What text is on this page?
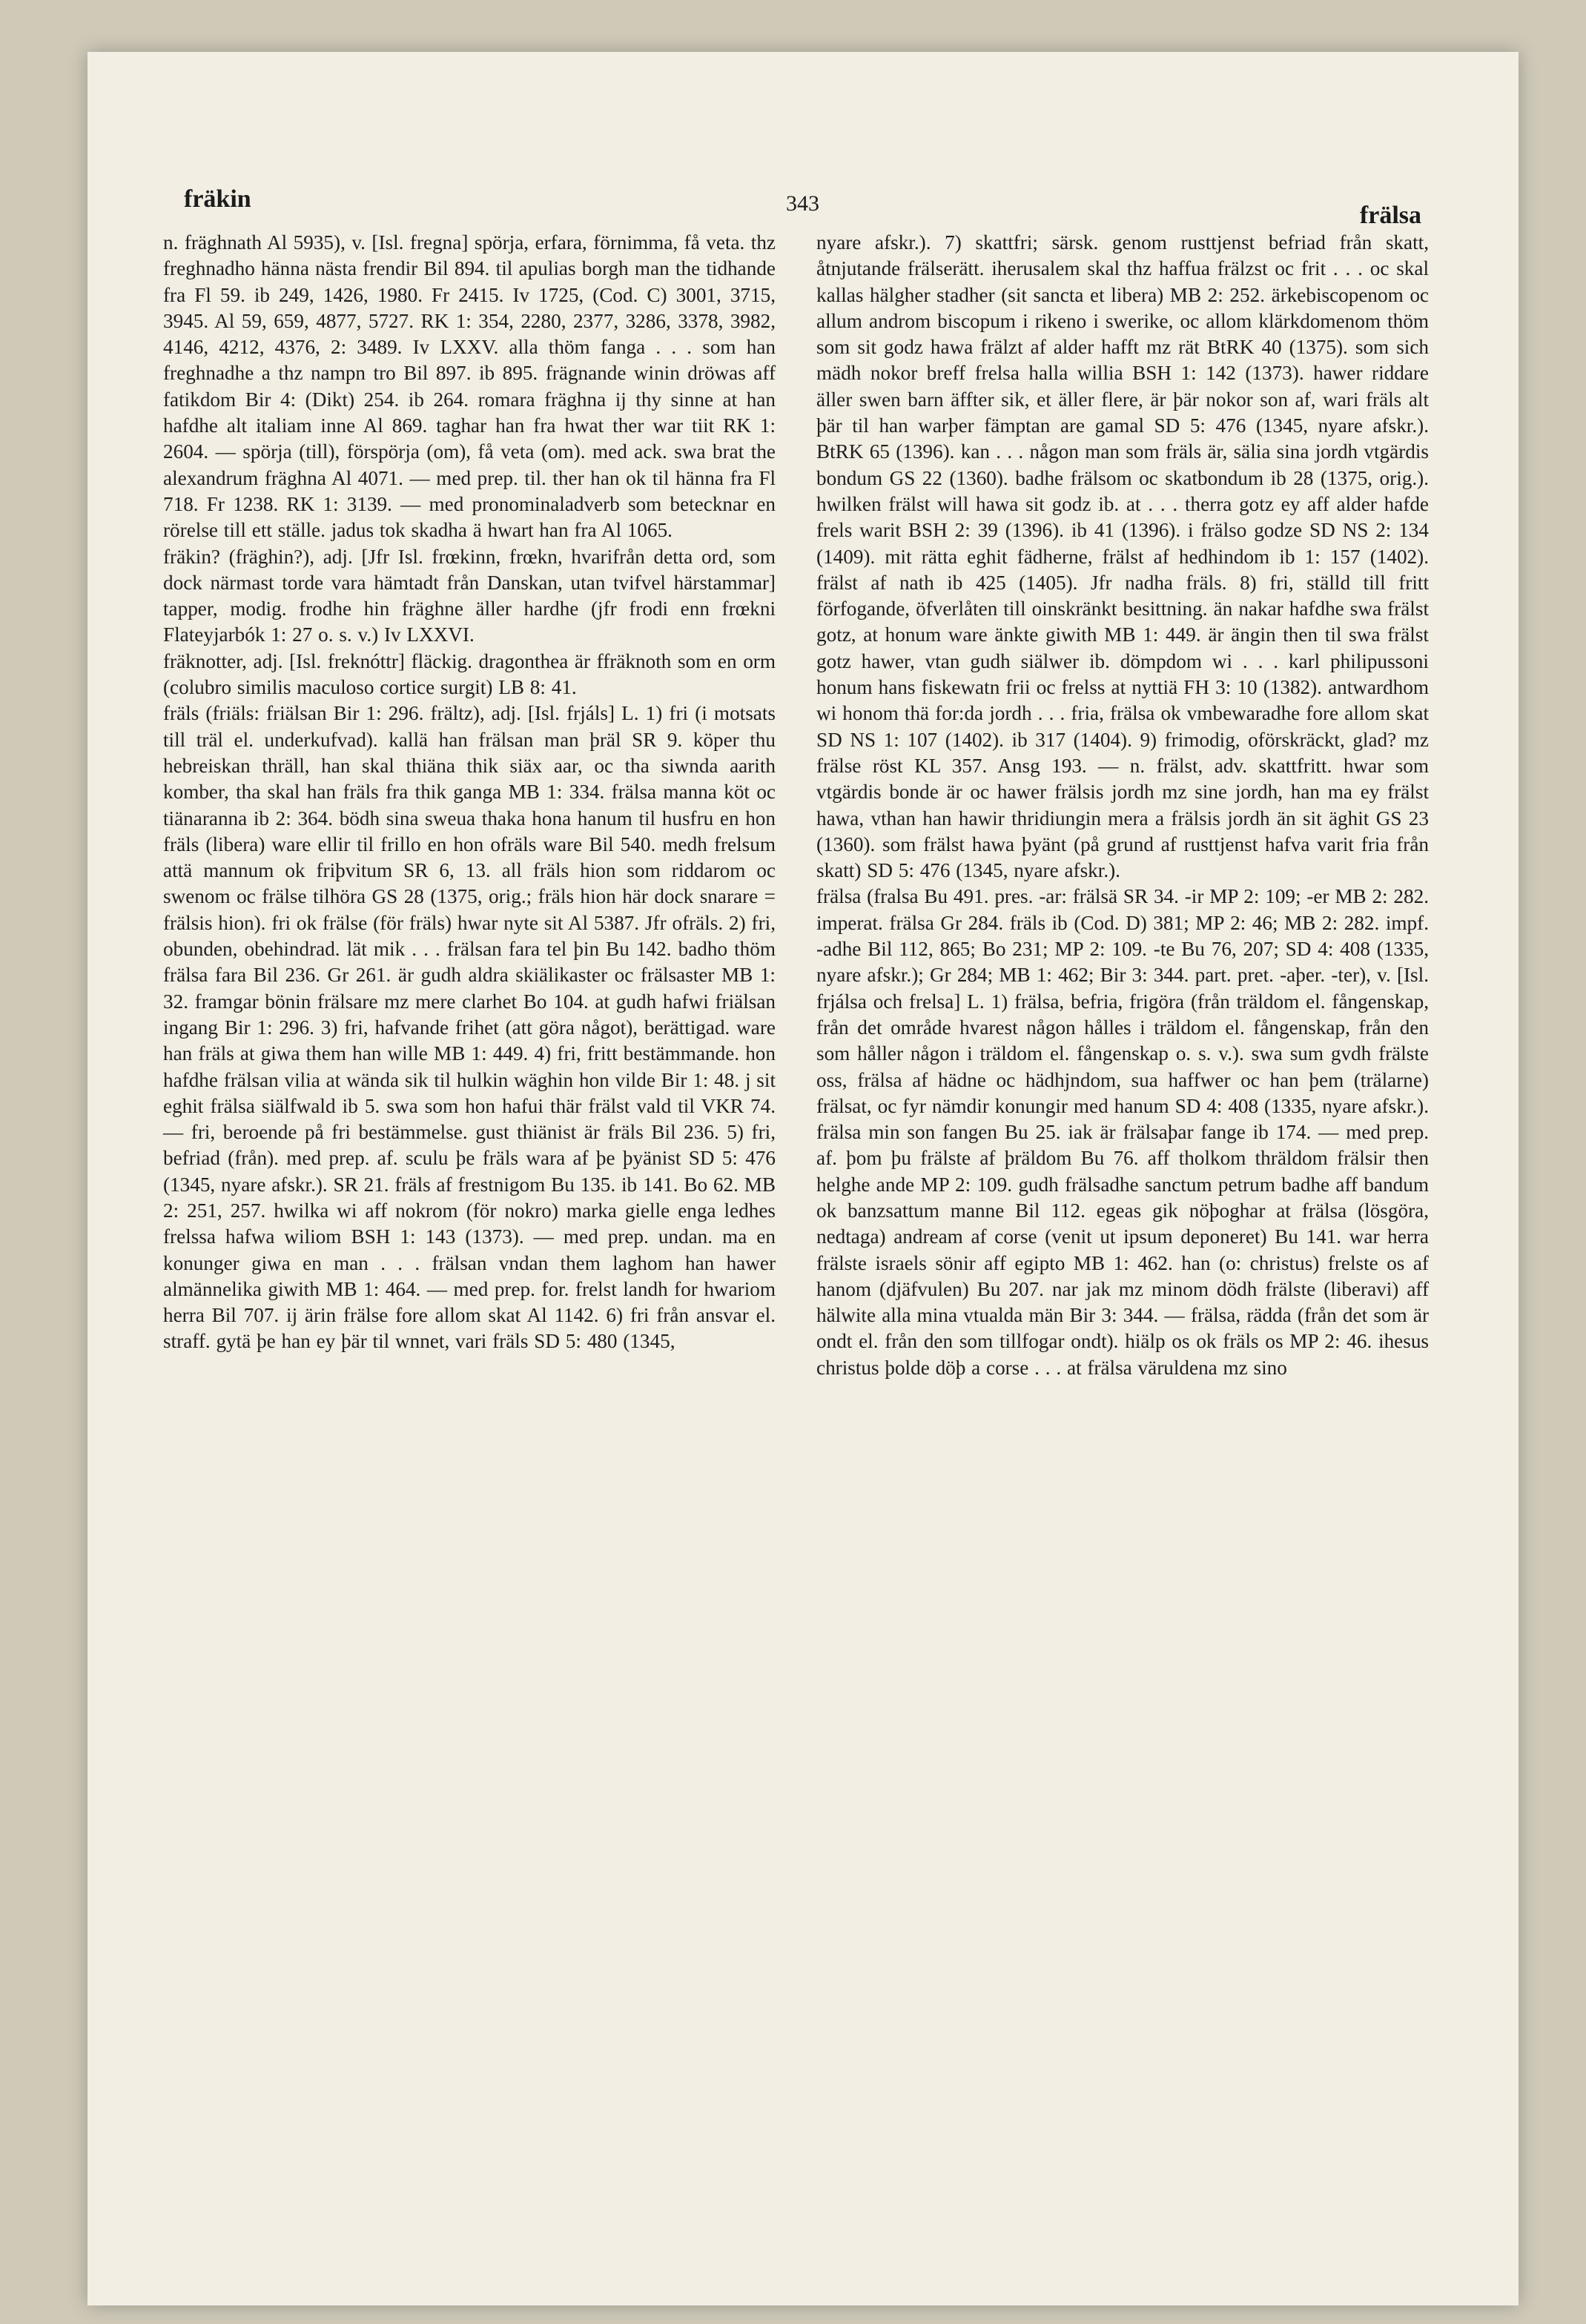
fräkin	343	frälsa

n. fräghnath Al 5935), v. [Isl. fregna] spörja, erfara, förnimma, få veta. thz freghnadho hänna nästa frendir Bil 894. til apulias borgh man the tidhande fra Fl 59. ib 249, 1426, 1980. Fr 2415. Iv 1725, (Cod. C) 3001, 3715, 3945. Al 59, 659, 4877, 5727. RK 1: 354, 2280, 2377, 3286, 3378, 3982, 4146, 4212, 4376, 2: 3489. Iv LXXV. alla thöm fanga . . . som han freghnadhe a thz nampn tro Bil 897. ib 895. frägnande winin dröwas aff fatikdom Bir 4: (Dikt) 254. ib 264. romara fräghna ij thy sinne at han hafdhe alt italiam inne Al 869. taghar han fra hwat ther war tiit RK 1: 2604. — spörja (till), förspörja (om), få veta (om). med ack. swa brat the alexandrum fräghna Al 4071. — med prep. til. ther han ok til hänna fra Fl 718. Fr 1238. RK 1: 3139. — med pronominaladverb som betecknar en rörelse till ett ställe. jadus tok skadha ä hwart han fra Al 1065.

fräkin? (fräghin?), adj. [Jfr Isl. frœkinn, frœkn, hvarifrån detta ord, som dock närmast torde vara hämtadt från Danskan, utan tvifvel härstammar] tapper, modig. frodhe hin fräghne äller hardhe (jfr frodi enn frœkni Flateyjarbók 1: 27 o. s. v.) Iv LXXVI.

fräknotter, adj. [Isl. freknóttr] fläckig. dragonthea är ffräknoth som en orm (colubro similis maculoso cortice surgit) LB 8: 41.

fräls (friäls: friälsan Bir 1: 296. frältz), adj. [Isl. frjáls] L. 1) fri (i motsats till träl el. underkufvad). kallä han frälsan man þräl SR 9. köper thu hebreiskan thräll, han skal thiäna thik siäx aar, oc tha siwnda aarith komber, tha skal han fräls fra thik ganga MB 1: 334. frälsa manna köt oc tiänaranna ib 2: 364. bödh sina sweua thaka hona hanum til husfru en hon fräls (libera) ware ellir til frillo en hon ofräls ware Bil 540. medh frelsum attä mannum ok friþvitum SR 6, 13. all fräls hion som riddarom oc swenom oc frälse tilhöra GS 28 (1375, orig.; fräls hion här dock snarare = frälsis hion). fri ok frälse (för fräls) hwar nyte sit Al 5387. Jfr ofräls. 2) fri, obunden, obehindrad. lät mik . . . frälsan fara tel þin Bu 142. badho thöm frälsa fara Bil 236. Gr 261. är gudh aldra skiälikaster oc frälsaster MB 1: 32. framgar bönin frälsare mz mere clarhet Bo 104. at gudh hafwi friälsan ingang Bir 1: 296. 3) fri, hafvande frihet (att göra något), berättigad. ware han fräls at giwa them han wille MB 1: 449. 4) fri, fritt bestämmande. hon hafdhe frälsan vilia at wända sik til hulkin wäghin hon vilde Bir 1: 48. j sit eghit frälsa siälfwald ib 5. swa som hon hafui thär frälst vald til VKR 74. — fri, beroende på fri bestämmelse. gust thiänist är fräls Bil 236. 5) fri, befriad (från). med prep. af. sculu þe fräls wara af þe þyänist SD 5: 476 (1345, nyare afskr.). SR 21. fräls af frestnigom Bu 135. ib 141. Bo 62. MB 2: 251, 257. hwilka wi aff nokrom (för nokro) marka gielle enga ledhes frelssa hafwa wiliom BSH 1: 143 (1373). — med prep. undan. ma en konunger giwa en man . . . frälsan vndan them laghom han hawer almännelika giwith MB 1: 464. — med prep. for. frelst landh for hwariom herra Bil 707. ij ärin frälse fore allom skat Al 1142. 6) fri från ansvar el. straff. gytä þe han ey þär til wnnet, vari fräls SD 5: 480 (1345,

nyare afskr.). 7) skattfri; särsk. genom rusttjenst befriad från skatt, åtnjutande frälserätt. iherusalem skal thz haffua frälzst oc frit . . . oc skal kallas hälgher stadher (sit sancta et libera) MB 2: 252. ärkebiscopenom oc allum androm biscopum i rikeno i swerike, oc allom klärkdomenom thöm som sit godz hawa frälzt af alder hafft mz rät BtRK 40 (1375). som sich mädh nokor breff frelsa halla willia BSH 1: 142 (1373). hawer riddare äller swen barn äffter sik, et äller flere, är þär nokor son af, wari fräls alt þär til han warþer fämptan are gamal SD 5: 476 (1345, nyare afskr.). BtRK 65 (1396). kan . . . någon man som fräls är, sälia sina jordh vtgärdis bondum GS 22 (1360). badhe frälsom oc skatbondum ib 28 (1375, orig.). hwilken frälst will hawa sit godz ib. at . . . therra gotz ey aff alder hafde frels warit BSH 2: 39 (1396). ib 41 (1396). i frälso godze SD NS 2: 134 (1409). mit rätta eghit fädherne, frälst af hedhindom ib 1: 157 (1402). frälst af nath ib 425 (1405). Jfr nadha fräls. 8) fri, ställd till fritt förfogande, öfverlåten till oinskränkt besittning. än nakar hafdhe swa frälst gotz, at honum ware änkte giwith MB 1: 449. är ängin then til swa frälst gotz hawer, vtan gudh siälwer ib. dömpdom wi . . . karl philipussoni honum hans fiskewatn frii oc frelss at nyttiä FH 3: 10 (1382). antwardhom wi honom thä for:da jordh . . . fria, frälsa ok vmbewaradhe fore allom skat SD NS 1: 107 (1402). ib 317 (1404). 9) frimodig, oförskräckt, glad? mz frälse röst KL 357. Ansg 193. — n. frälst, adv. skattfritt. hwar som vtgärdis bonde är oc hawer frälsis jordh mz sine jordh, han ma ey frälst hawa, vthan han hawir thridiungin mera a frälsis jordh än sit äghit GS 23 (1360). som frälst hawa þyänt (på grund af rusttjenst hafva varit fria från skatt) SD 5: 476 (1345, nyare afskr.).

frälsa (fralsa Bu 491. pres. -ar: frälsä SR 34. -ir MP 2: 109; -er MB 2: 282. imperat. frälsa Gr 284. fräls ib (Cod. D) 381; MP 2: 46; MB 2: 282. impf. -adhe Bil 112, 865; Bo 231; MP 2: 109. -te Bu 76, 207; SD 4: 408 (1335, nyare afskr.); Gr 284; MB 1: 462; Bir 3: 344. part. pret. -aþer. -ter), v. [Isl. frjálsa och frelsa] L. 1) frälsa, befria, frigöra (från träldom el. fångenskap, från det område hvarest någon hålles i träldom el. fångenskap, från den som håller någon i träldom el. fångenskap o. s. v.). swa sum gvdh frälste oss, frälsa af hädne oc hädhjndom, sua haffwer oc han þem (trälarne) frälsat, oc fyr nämdir konungir med hanum SD 4: 408 (1335, nyare afskr.). frälsa min son fangen Bu 25. iak är frälsaþar fange ib 174. — med prep. af. þom þu frälste af þräldom Bu 76. aff tholkom thräldom frälsir then helghe ande MP 2: 109. gudh frälsadhe sanctum petrum badhe aff bandum ok banzsattum manne Bil 112. egeas gik nöþoghar at frälsa (lösgöra, nedtaga) andream af corse (venit ut ipsum deponeret) Bu 141. war herra frälste israels sönir aff egipto MB 1: 462. han (o: christus) frelste os af hanom (djäfvulen) Bu 207. nar jak mz minom dödh frälste (liberavi) aff hälwite alla mina vtualda män Bir 3: 344. — frälsa, rädda (från det som är ondt el. från den som tillfogar ondt). hiälp os ok fräls os MP 2: 46. ihesus christus þolde döþ a corse . . . at frälsa väruldena mz sino
